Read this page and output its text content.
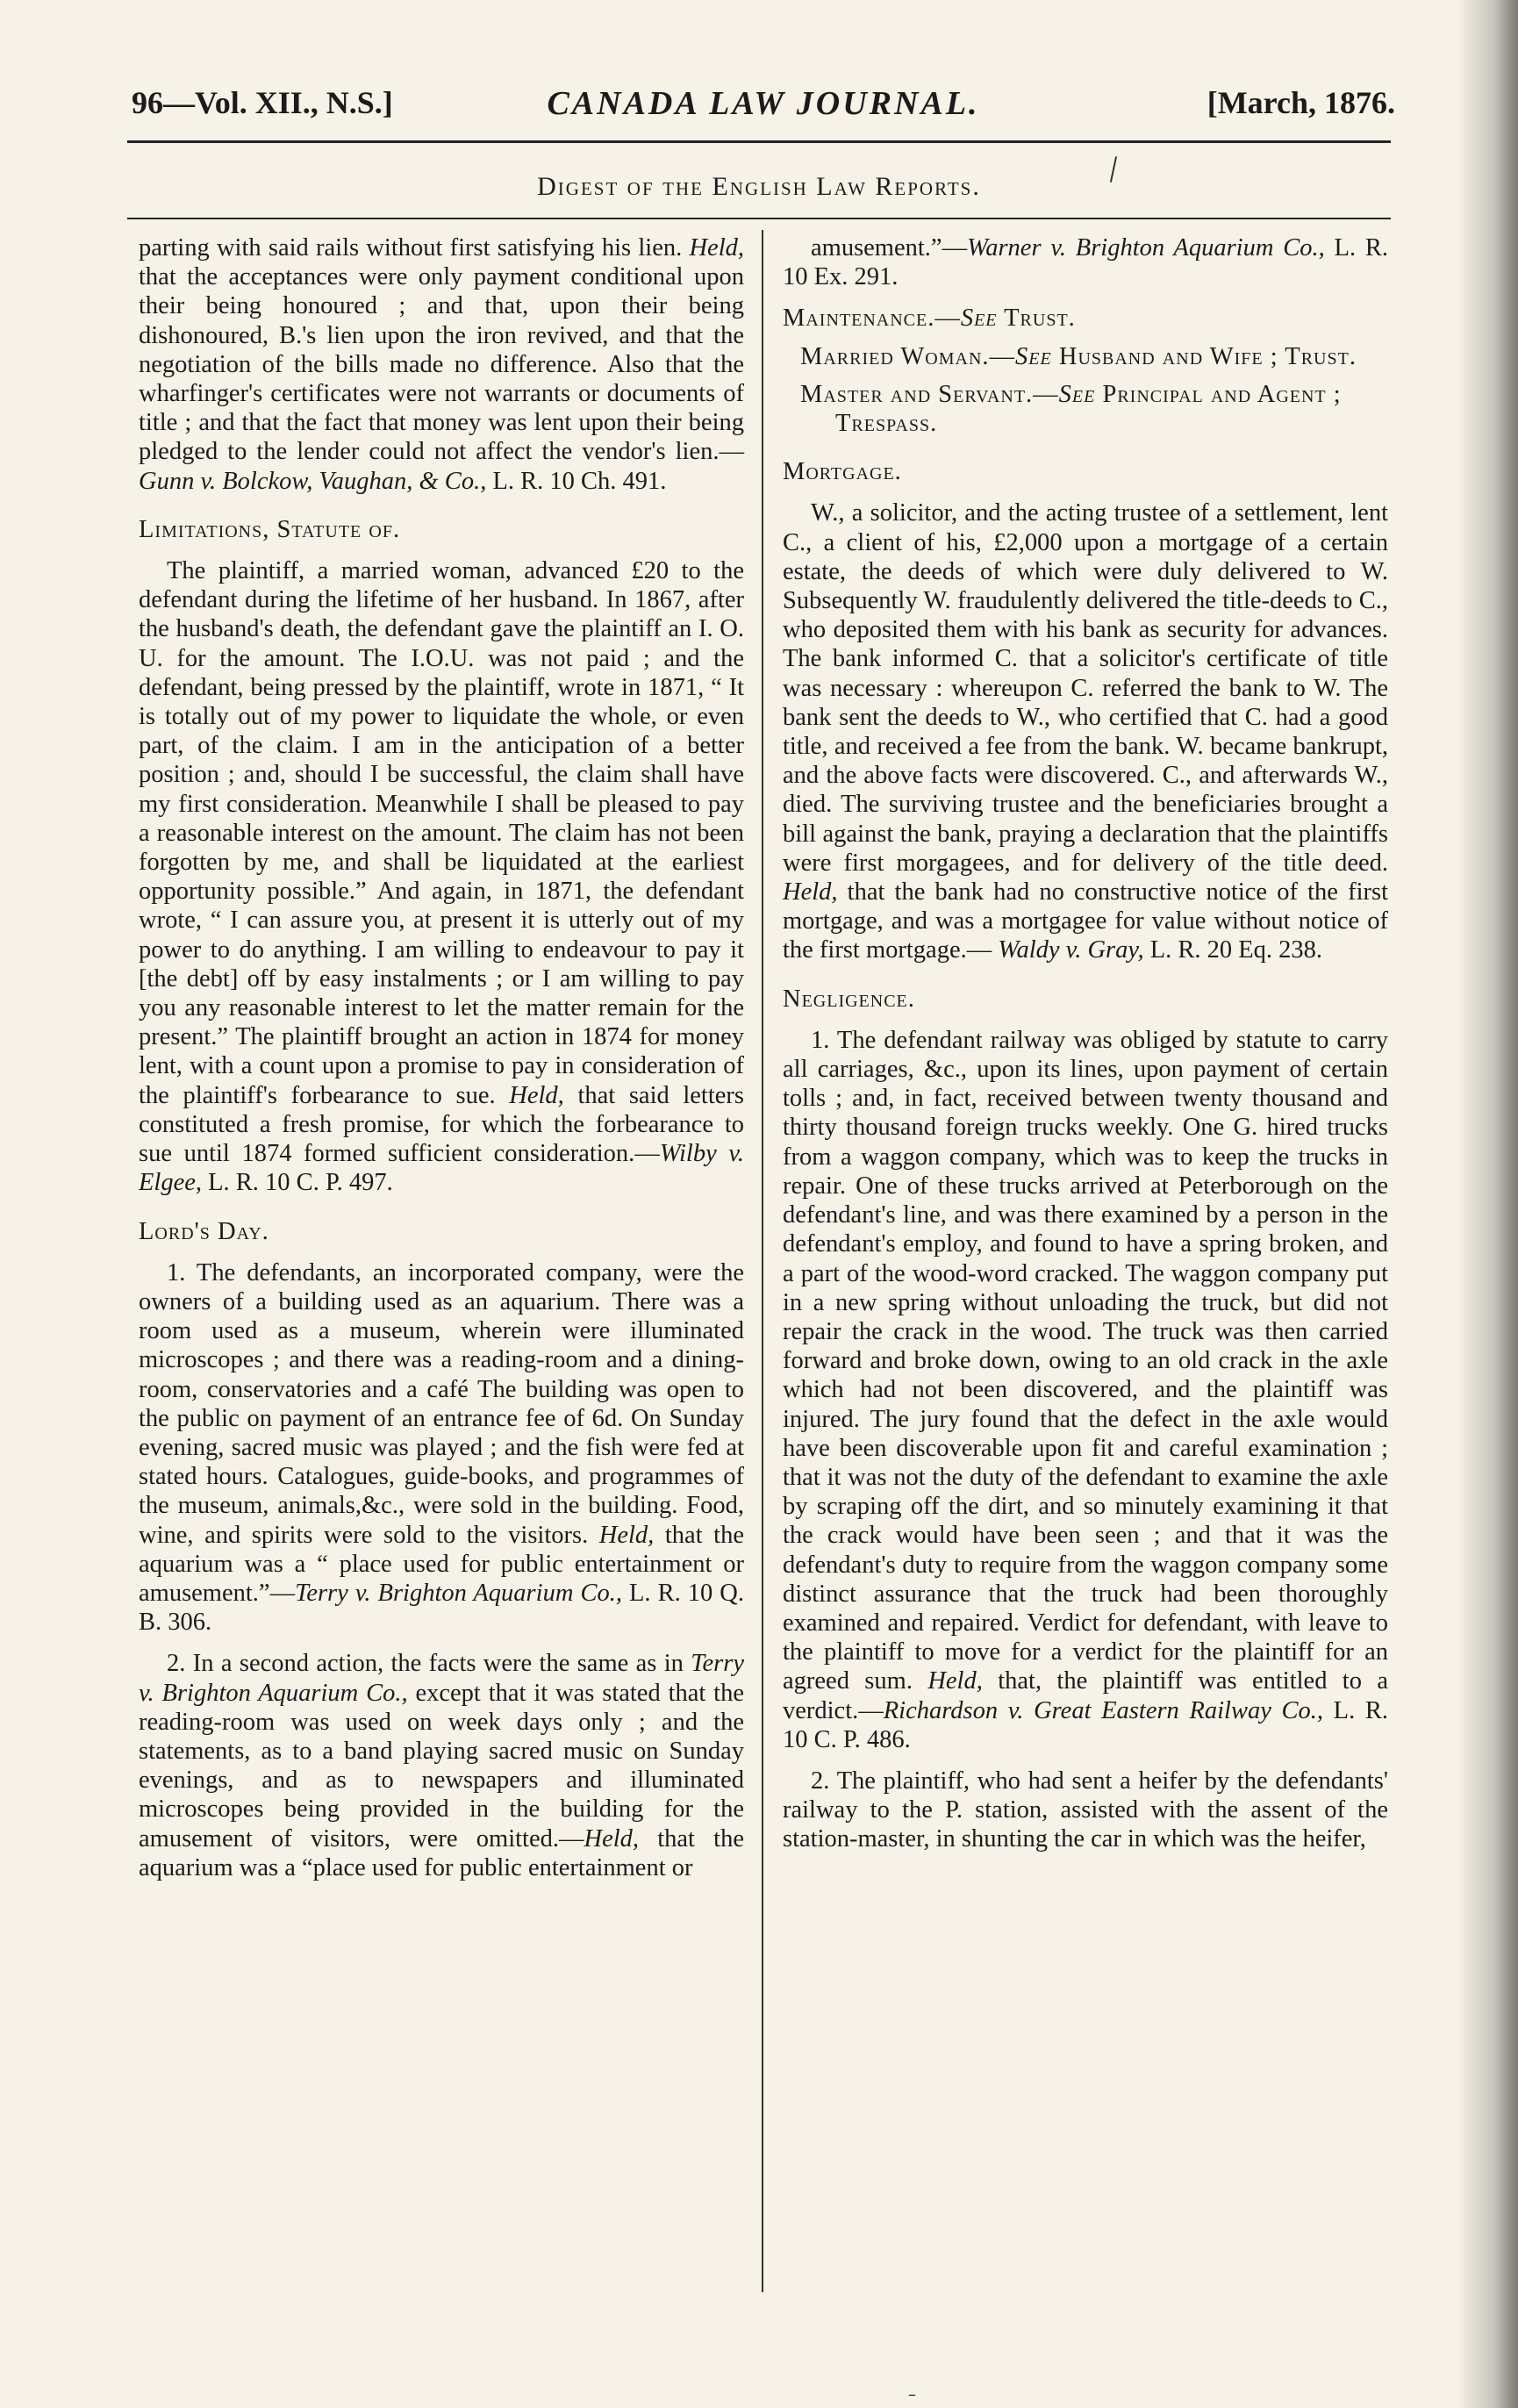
96—Vol. XII., N.S.]	CANADA LAW JOURNAL.	[March, 1876.
Digest of the English Law Reports.

parting with said rails without first satisfying his lien. Held, that the acceptances were only payment conditional upon their being honoured ; and that, upon their being dishonoured, B.'s lien upon the iron revived, and that the negotiation of the bills made no difference. Also that the wharfinger's certificates were not warrants or documents of title ; and that the fact that money was lent upon their being pledged to the lender could not affect the vendor's lien.—Gunn v. Bolckow, Vaughan, & Co., L. R. 10 Ch. 491.

Limitations, Statute of.

The plaintiff, a married woman, advanced £20 to the defendant during the lifetime of her husband. In 1867, after the husband's death, the defendant gave the plaintiff an I. O. U. for the amount. The I.O.U. was not paid ; and the defendant, being pressed by the plaintiff, wrote in 1871, “ It is totally out of my power to liquidate the whole, or even part, of the claim. I am in the anticipation of a better position ; and, should I be successful, the claim shall have my first consideration. Meanwhile I shall be pleased to pay a reasonable interest on the amount. The claim has not been forgotten by me, and shall be liquidated at the earliest opportunity possible.” And again, in 1871, the defendant wrote, “ I can assure you, at present it is utterly out of my power to do anything. I am willing to endeavour to pay it [the debt] off by easy instalments ; or I am willing to pay you any reasonable interest to let the matter remain for the present.” The plaintiff brought an action in 1874 for money lent, with a count upon a promise to pay in consideration of the plaintiff's forbearance to sue. Held, that said letters constituted a fresh promise, for which the forbearance to sue until 1874 formed sufficient consideration.—Wilby v. Elgee, L. R. 10 C. P. 497.

Lord's Day.

1. The defendants, an incorporated company, were the owners of a building used as an aquarium. There was a room used as a museum, wherein were illuminated microscopes ; and there was a reading-room and a dining-room, conservatories and a café The building was open to the public on payment of an entrance fee of 6d. On Sunday evening, sacred music was played ; and the fish were fed at stated hours. Catalogues, guide-books, and programmes of the museum, animals,&c., were sold in the building. Food, wine, and spirits were sold to the visitors. Held, that the aquarium was a “ place used for public entertainment or amusement.”—Terry v. Brighton Aquarium Co., L. R. 10 Q. B. 306.

2. In a second action, the facts were the same as in Terry v. Brighton Aquarium Co., except that it was stated that the reading-room was used on week days only ; and the statements, as to a band playing sacred music on Sunday evenings, and as to newspapers and illuminated microscopes being provided in the building for the amusement of visitors, were omitted.—Held, that the aquarium was a “place used for public entertainment or

amusement.”—Warner v. Brighton Aquarium Co., L. R. 10 Ex. 291.

Maintenance.—See Trust.
Married Woman.—See Husband and Wife ; Trust.
Master and Servant.—See Principal and Agent ; Trespass.
Mortgage.

W., a solicitor, and the acting trustee of a settlement, lent C., a client of his, £2,000 upon a mortgage of a certain estate, the deeds of which were duly delivered to W. Subsequently W. fraudulently delivered the title-deeds to C., who deposited them with his bank as security for advances. The bank informed C. that a solicitor's certificate of title was necessary : whereupon C. referred the bank to W. The bank sent the deeds to W., who certified that C. had a good title, and received a fee from the bank. W. became bankrupt, and the above facts were discovered. C., and afterwards W., died. The surviving trustee and the beneficiaries brought a bill against the bank, praying a declaration that the plaintiffs were first morgagees, and for delivery of the title deed. Held, that the bank had no constructive notice of the first mortgage, and was a mortgagee for value without notice of the first mortgage.— Waldy v. Gray, L. R. 20 Eq. 238.

Negligence.

1. The defendant railway was obliged by statute to carry all carriages, &c., upon its lines, upon payment of certain tolls ; and, in fact, received between twenty thousand and thirty thousand foreign trucks weekly. One G. hired trucks from a waggon company, which was to keep the trucks in repair. One of these trucks arrived at Peterborough on the defendant's line, and was there examined by a person in the defendant's employ, and found to have a spring broken, and a part of the wood-word cracked. The waggon company put in a new spring without unloading the truck, but did not repair the crack in the wood. The truck was then carried forward and broke down, owing to an old crack in the axle which had not been discovered, and the plaintiff was injured. The jury found that the defect in the axle would have been discoverable upon fit and careful examination ; that it was not the duty of the defendant to examine the axle by scraping off the dirt, and so minutely examining it that the crack would have been seen ; and that it was the defendant's duty to require from the waggon company some distinct assurance that the truck had been thoroughly examined and repaired. Verdict for defendant, with leave to the plaintiff to move for a verdict for the plaintiff for an agreed sum. Held, that, the plaintiff was entitled to a verdict.—Richardson v. Great Eastern Railway Co., L. R. 10 C. P. 486.

2. The plaintiff, who had sent a heifer by the defendants' railway to the P. station, assisted with the assent of the station-master, in shunting the car in which was the heifer,

–
